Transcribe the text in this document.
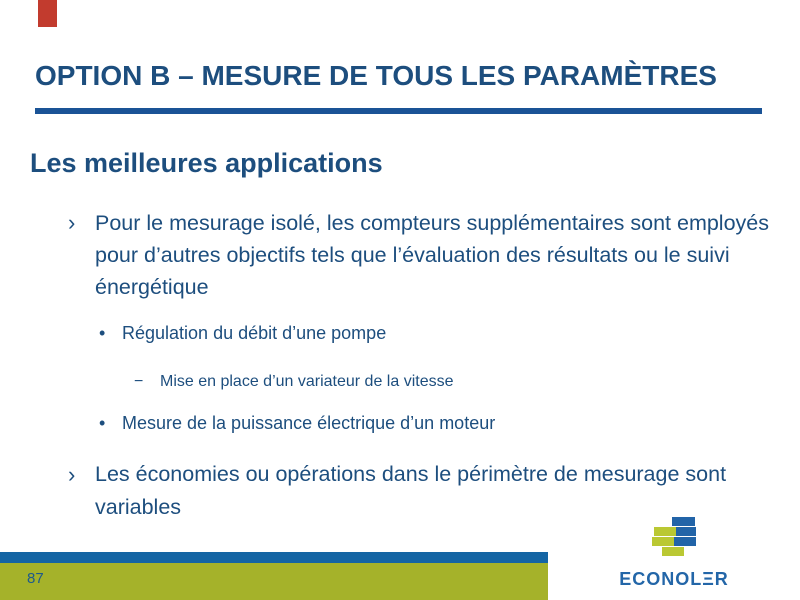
OPTION B – MESURE DE TOUS LES PARAMÈTRES
Les meilleures applications
› Pour le mesurage isolé, les compteurs supplémentaires sont employés pour d’autres objectifs tels que l’évaluation des résultats ou le suivi énergétique
• Régulation du débit d’une pompe
−	Mise en place d’un variateur de la vitesse
• Mesure de la puissance électrique d’un moteur
› Les économies ou opérations dans le périmètre de mesurage sont variables
87	ECONOLΞR
